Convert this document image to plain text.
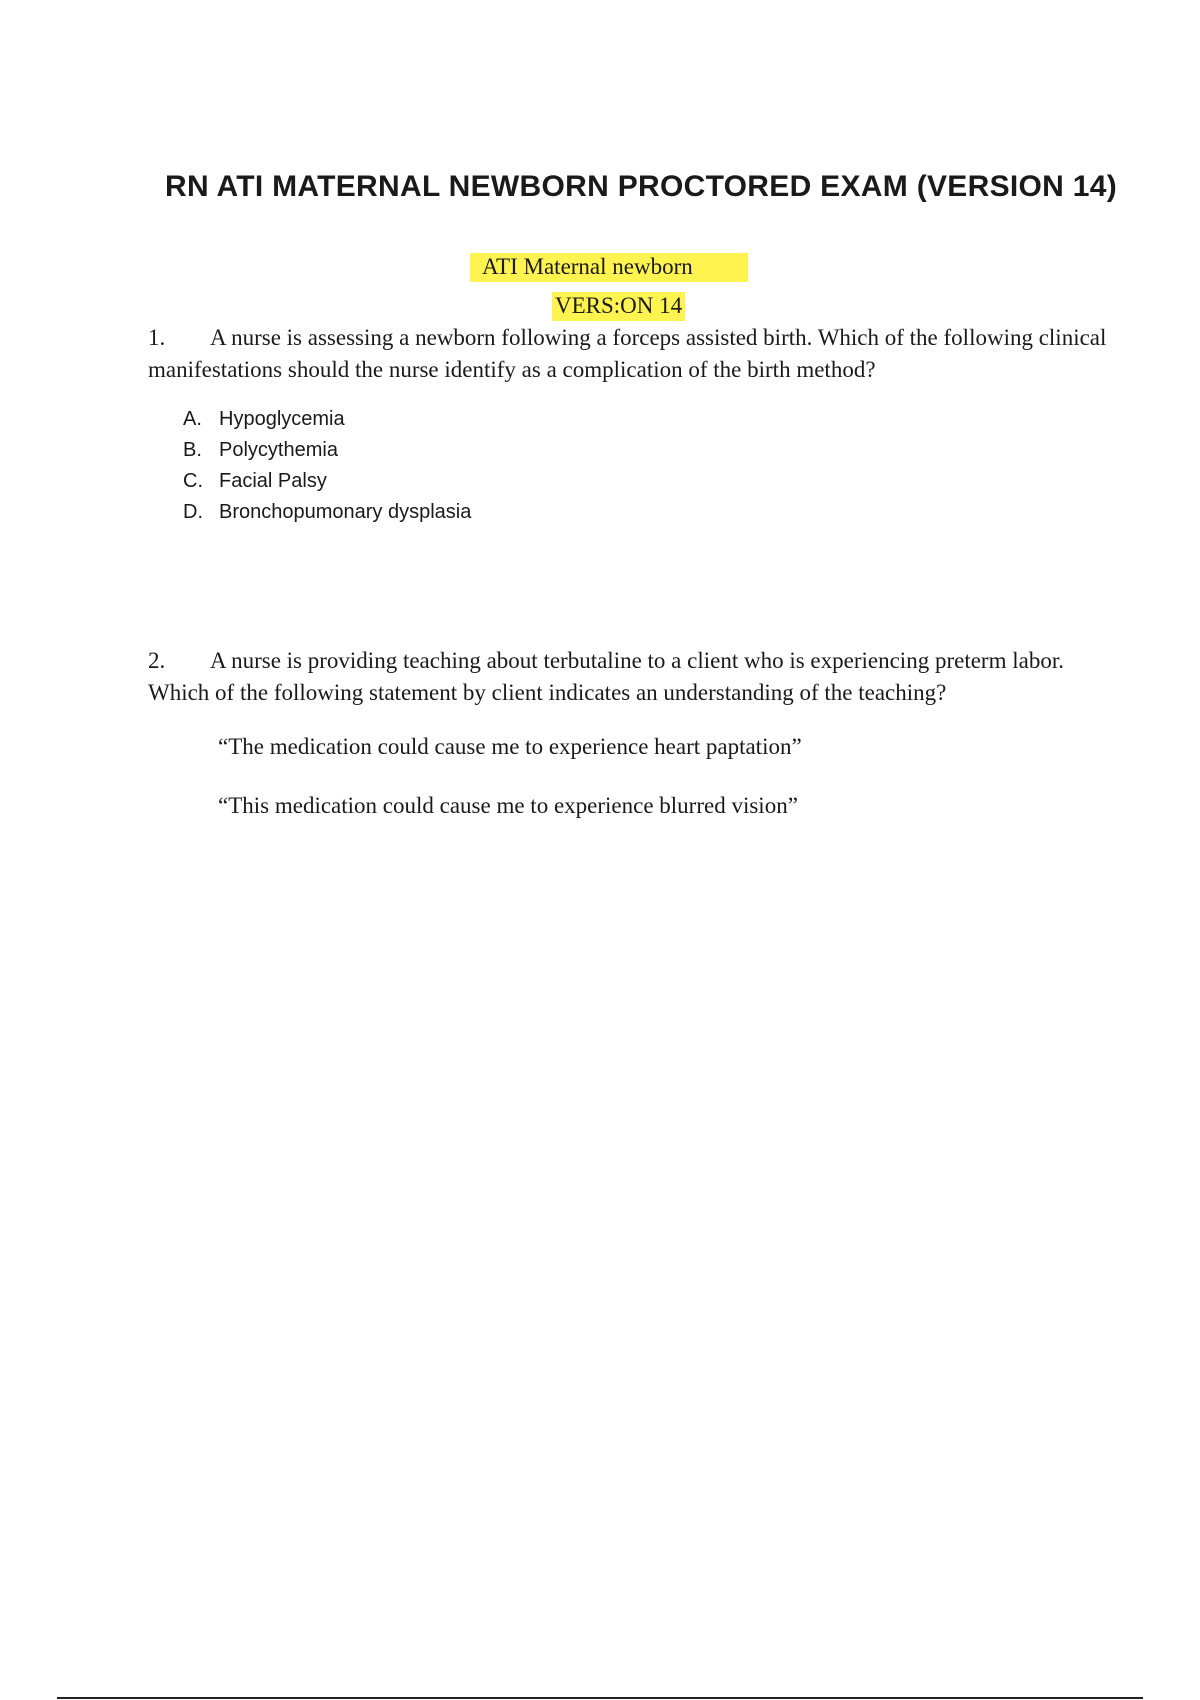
RN ATI MATERNAL NEWBORN PROCTORED EXAM (VERSION 14)
ATI Maternal newborn
VERS:ON 14

1. A nurse is assessing a newborn following a forceps assisted birth. Which of the following clinical manifestations should the nurse identify as a complication of the birth method?

A. Hypoglycemia
B. Polycythemia
C. Facial Palsy
D. Bronchopumonary dysplasia

2. A nurse is providing teaching about terbutaline to a client who is experiencing preterm labor. Which of the following statement by client indicates an understanding of the teaching?

“The medication could cause me to experience heart paptation”

“This medication could cause me to experience blurred vision”
